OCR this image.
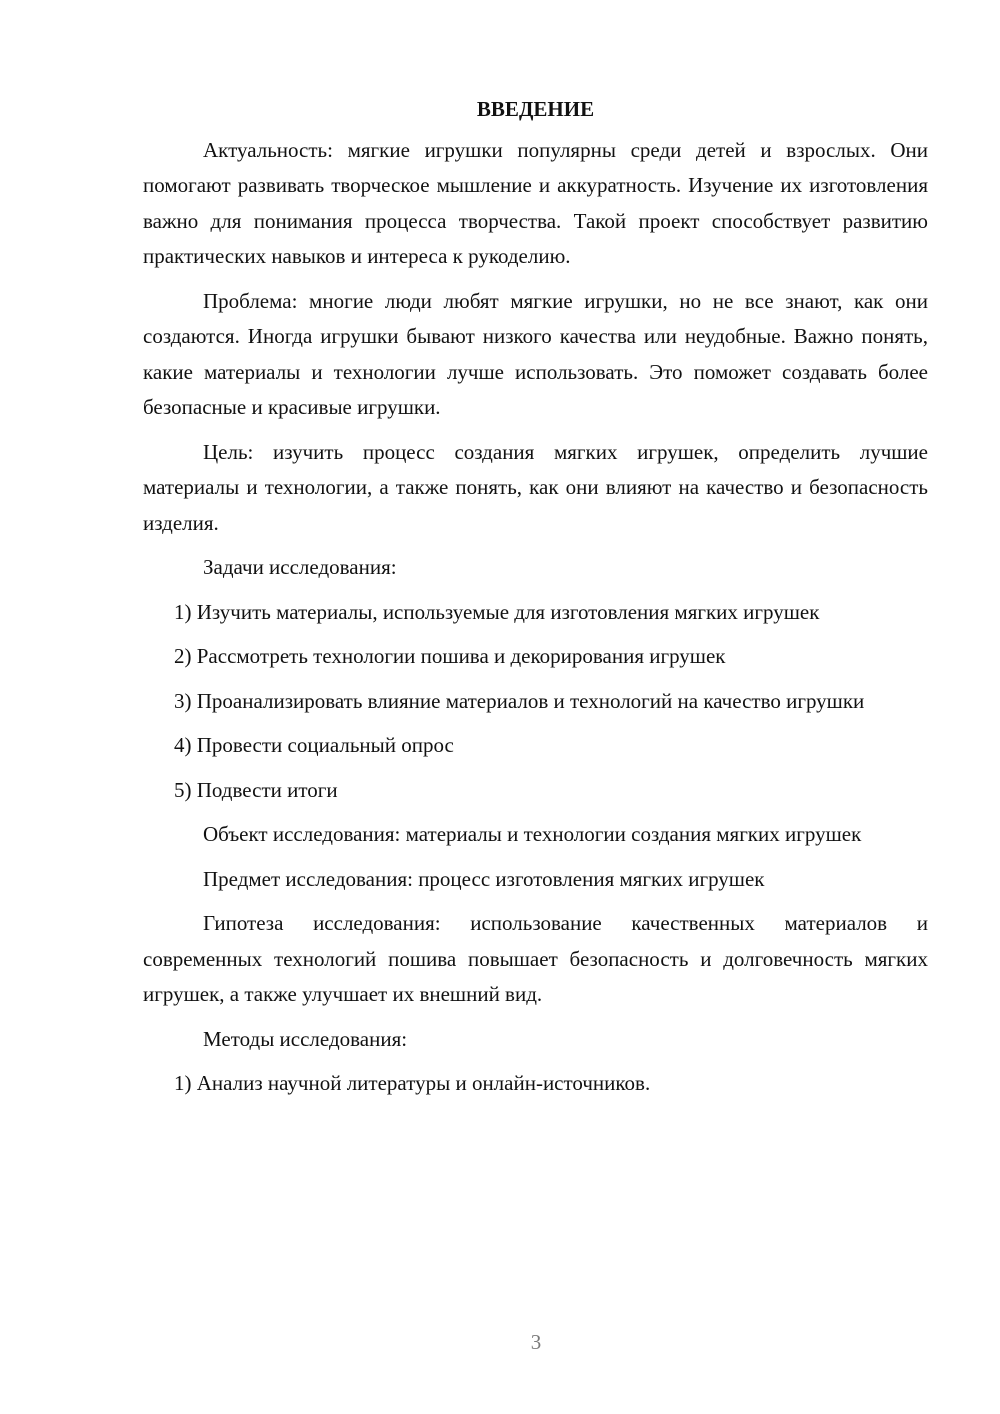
ВВЕДЕНИЕ

Актуальность: мягкие игрушки популярны среди детей и взрослых. Они помогают развивать творческое мышление и аккуратность. Изучение их изготовления важно для понимания процесса творчества. Такой проект способствует развитию практических навыков и интереса к рукоделию.

Проблема: многие люди любят мягкие игрушки, но не все знают, как они создаются. Иногда игрушки бывают низкого качества или неудобные. Важно понять, какие материалы и технологии лучше использовать. Это поможет создавать более безопасные и красивые игрушки.

Цель: изучить процесс создания мягких игрушек, определить лучшие материалы и технологии, а также понять, как они влияют на качество и безопасность изделия.

Задачи исследования:

1) Изучить материалы, используемые для изготовления мягких игрушек

2) Рассмотреть технологии пошива и декорирования игрушек

3) Проанализировать влияние материалов и технологий на качество игрушки

4) Провести социальный опрос

5) Подвести итоги

Объект исследования: материалы и технологии создания мягких игрушек

Предмет исследования: процесс изготовления мягких игрушек

Гипотеза исследования: использование качественных материалов и современных технологий пошива повышает безопасность и долговечность мягких игрушек, а также улучшает их внешний вид.

Методы исследования:

1) Анализ научной литературы и онлайн-источников.

3
